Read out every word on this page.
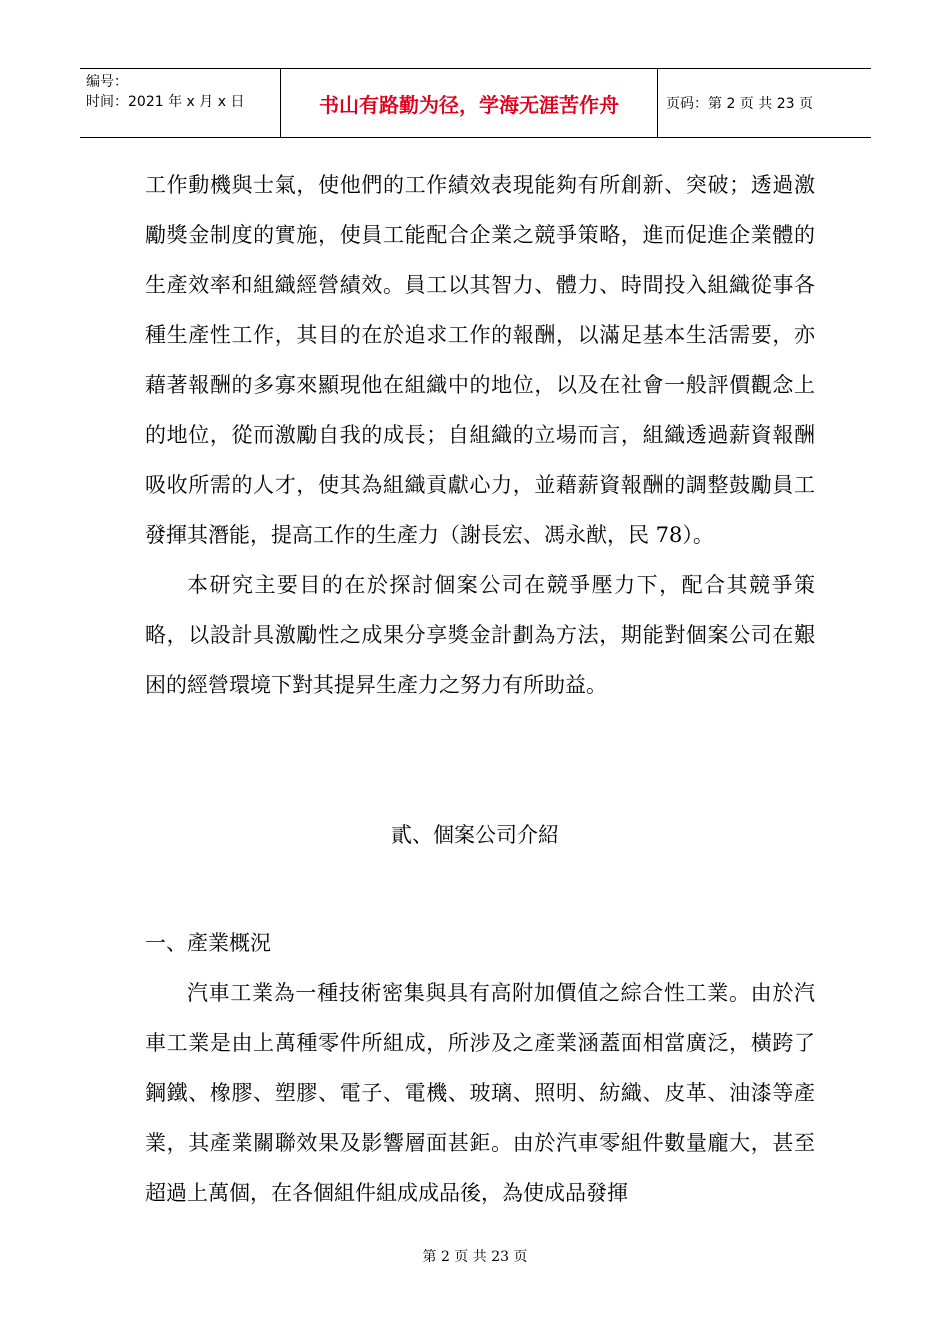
编号：
时间：2021 年 x 月 x 日	书山有路勤为径，学海无涯苦作舟	页码：第 2 页 共 23 页

工作動機與士氣，使他們的工作績效表現能夠有所創新、突破；透過激勵獎金制度的實施，使員工能配合企業之競爭策略，進而促進企業體的生產效率和組織經營績效。員工以其智力、體力、時間投入組織從事各種生產性工作，其目的在於追求工作的報酬，以滿足基本生活需要，亦藉著報酬的多寡來顯現他在組織中的地位，以及在社會一般評價觀念上的地位，從而激勵自我的成長；自組織的立場而言，組織透過薪資報酬吸收所需的人才，使其為組織貢獻心力，並藉薪資報酬的調整鼓勵員工發揮其潛能，提高工作的生產力（謝長宏、馮永猷，民 78）。

本研究主要目的在於探討個案公司在競爭壓力下，配合其競爭策略，以設計具激勵性之成果分享獎金計劃為方法，期能對個案公司在艱困的經營環境下對其提昇生產力之努力有所助益。

貳、個案公司介紹
一、產業概況

汽車工業為一種技術密集與具有高附加價值之綜合性工業。由於汽車工業是由上萬種零件所組成，所涉及之產業涵蓋面相當廣泛，橫跨了鋼鐵、橡膠、塑膠、電子、電機、玻璃、照明、紡織、皮革、油漆等產業，其產業關聯效果及影響層面甚鉅。由於汽車零組件數量龐大，甚至超過上萬個，在各個組件組成成品後，為使成品發揮

第 2 页 共 23 页
